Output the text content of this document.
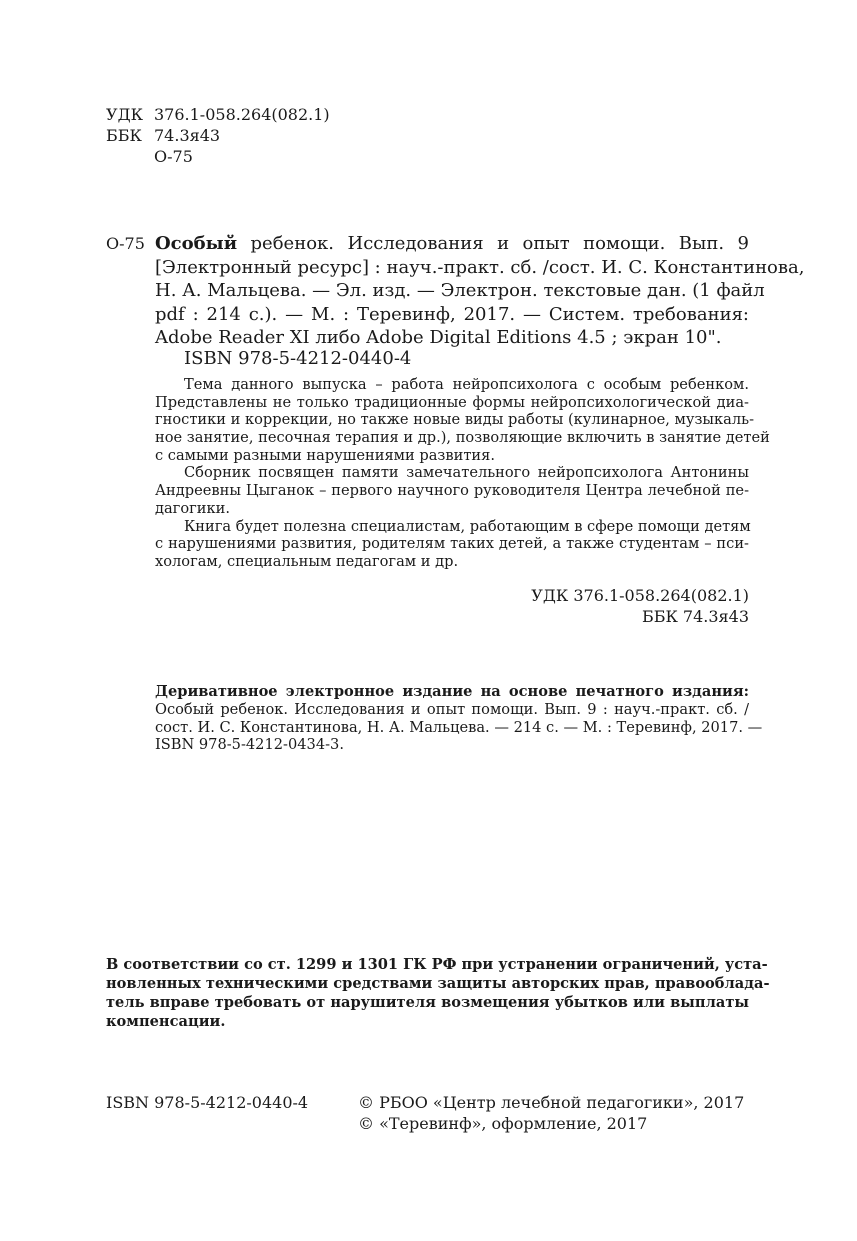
УДК 376.1-058.264(082.1)
ББК 74.3я43
О-75
О-75 Особый ребенок. Исследования и опыт помощи. Вып. 9
[Электронный ресурс] : науч.-практ. сб. /сост. И. С. Константинова,
Н. А. Мальцева. — Эл. изд. — Электрон. текстовые дан. (1 файл
pdf : 214 с.). — М. : Теревинф, 2017. — Систем. требования:
Adobe Reader XI либо Adobe Digital Editions 4.5 ; экран 10".
ISBN 978-5-4212-0440-4
Тема данного выпуска – работа нейропсихолога с особым ребенком.
Представлены не только традиционные формы нейропсихологической диа-
гностики и коррекции, но также новые виды работы (кулинарное, музыкаль-
ное занятие, песочная терапия и др.), позволяющие включить в занятие детей
с самыми разными нарушениями развития.
Сборник посвящен памяти замечательного нейропсихолога Антонины
Андреевны Цыганок – первого научного руководителя Центра лечебной пе-
дагогики.
Книга будет полезна специалистам, работающим в сфере помощи детям
с нарушениями развития, родителям таких детей, а также студентам – пси-
хологам, специальным педагогам и др.
УДК 376.1-058.264(082.1)
ББК 74.3я43
Деривативное электронное издание на основе печатного издания:
Особый ребенок. Исследования и опыт помощи. Вып. 9 : науч.-практ. сб. /
сост. И. С. Константинова, Н. А. Мальцева. — 214 с. — М. : Теревинф, 2017. —
ISBN 978-5-4212-0434-3.
В соответствии со ст. 1299 и 1301 ГК РФ при устранении ограничений, уста-
новленных техническими средствами защиты авторских прав, правооблада-
тель вправе требовать от нарушителя возмещения убытков или выплаты
компенсации.
ISBN 978-5-4212-0440-4	© РБОО «Центр лечебной педагогики», 2017
© «Теревинф», оформление, 2017
